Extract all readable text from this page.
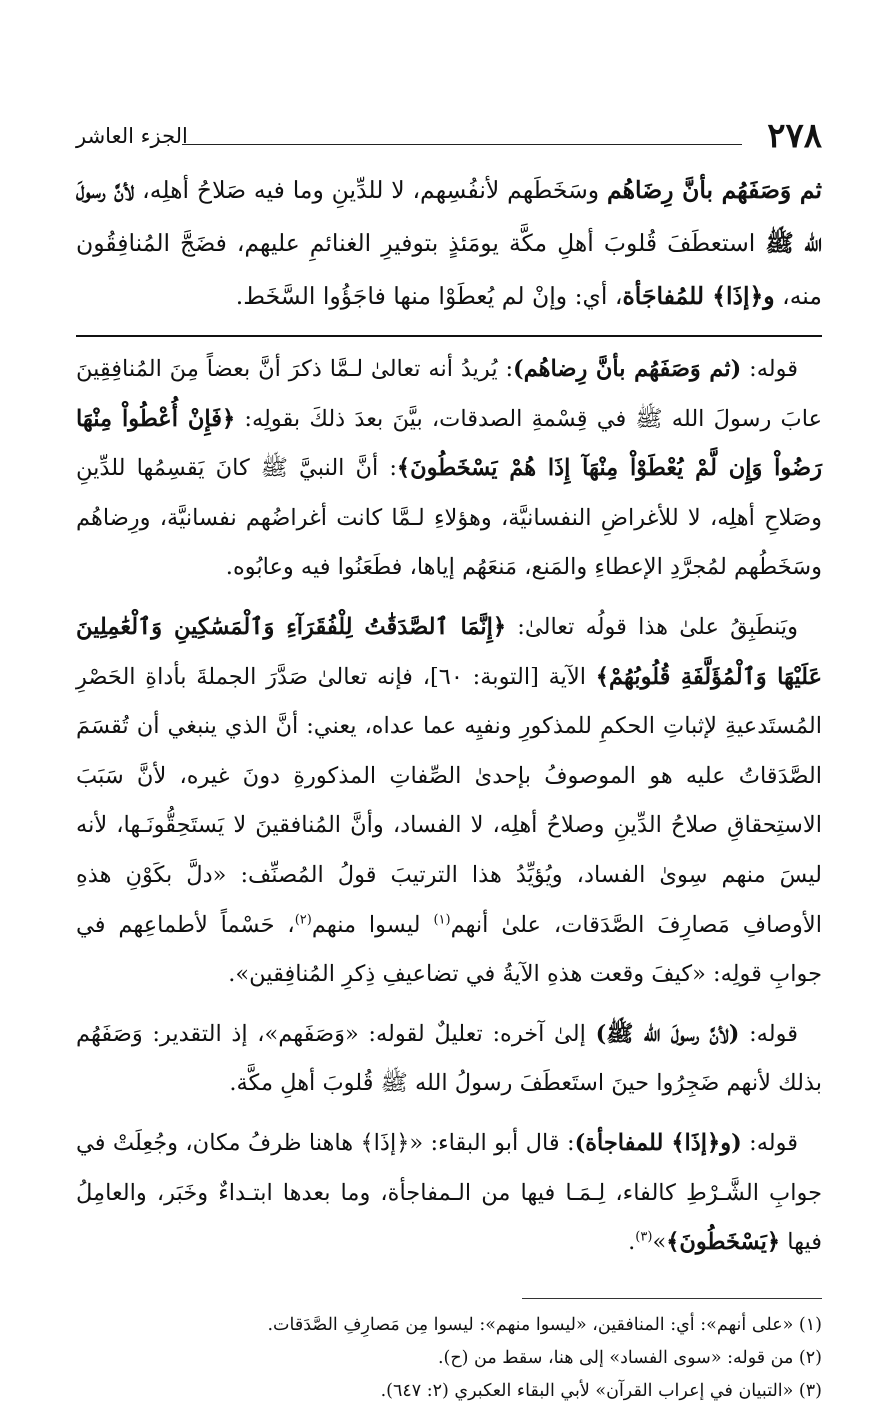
٢٧٨
الجزء العاشر

ثم وَصَفَهُم بأنَّ رِضَاهُم وسَخَطَهم لأنفُسِهم، لا للدِّينِ وما فيه صَلاحُ أهلِه، لأنَّ رسولَ الله ﷺ استعطَفَ قُلوبَ أهلِ مكَّة يومَئذٍ بتوفيرِ الغنائمِ عليهم، فضَجَّ المُنافِقُون منه، و﴿إذَا﴾ للمُفاجَأة، أي: وإنْ لم يُعطَوْا منها فاجَؤُوا السَّخَط.

قوله: (ثم وَصَفَهُم بأنَّ رِضاهُم): يُريدُ أنه تعالىٰ لـمَّا ذكرَ أنَّ بعضاً مِنَ المُنافِقِينَ عابَ رسولَ الله ﷺ في قِسْمةِ الصدقات، بيَّنَ بعدَ ذلكَ بقولِه: ﴿فَإِنْ أُعْطُواْ مِنْهَا رَضُواْ وَإِن لَّمْ يُعْطَوْاْ مِنْهَآ إِذَا هُمْ يَسْخَطُونَ﴾: أنَّ النبيَّ ﷺ كانَ يَقسِمُها للدِّينِ وصَلاحِ أهلِه، لا للأغراضِ النفسانيَّة، وهؤلاءِ لـمَّا كانت أغراضُهم نفسانيَّة، ورِضاهُم وسَخَطُهم لمُجرَّدِ الإعطاءِ والمَنع، مَنعَهُم إياها، فطَعَنُوا فيه وعابُوه.

ويَنطَبِقُ علىٰ هذا قولُه تعالىٰ: ﴿إِنَّمَا ٱلصَّدَقَٰتُ لِلْفُقَرَآءِ وَٱلْمَسَٰكِينِ وَٱلْعَٰمِلِينَ عَلَيْهَا وَٱلْمُؤَلَّفَةِ قُلُوبُهُمْ﴾ الآية [التوبة: ٦٠]، فإنه تعالىٰ صَدَّرَ الجملةَ بأداةِ الحَصْرِ المُستَدعيةِ لإثباتِ الحكمِ للمذكورِ ونفيِه عما عداه، يعني: أنَّ الذي ينبغي أن تُقسَمَ الصَّدَقاتُ عليه هو الموصوفُ بإحدىٰ الصِّفاتِ المذكورةِ دونَ غيره، لأنَّ سَبَبَ الاستِحقاقِ صلاحُ الدِّينِ وصلاحُ أهلِه، لا الفساد، وأنَّ المُنافقينَ لا يَستَحِقُّونَـها، لأنه ليسَ منهم سِوىٰ الفساد، ويُؤيِّدُ هذا الترتيبَ قولُ المُصنِّف: «دلَّ بكَوْنِ هذهِ الأوصافِ مَصارِفَ الصَّدَقات، علىٰ أنهم$^{(١)}$ ليسوا منهم$^{(٢)}$، حَسْماً لأطماعِهم في جوابِ قولِه: «كيفَ وقعت هذهِ الآيةُ في تضاعيفِ ذِكرِ المُنافِقين».

قوله: (لأنَّ رسولَ الله ﷺ) إلىٰ آخره: تعليلٌ لقوله: «وَصَفَهم»، إذ التقدير: وَصَفَهُم بذلك لأنهم ضَجِرُوا حينَ استَعطَفَ رسولُ الله ﷺ قُلوبَ أهلِ مكَّة.

قوله: (و﴿إذَا﴾ للمفاجأة): قال أبو البقاء: «﴿إذَا﴾ هاهنا ظرفُ مكان، وجُعِلَتْ في جوابِ الشَّـرْطِ كالفاء، لِـمَـا فيها من الـمفاجأة، وما بعدها ابتـداءٌ وخَبَر، والعامِلُ فيها ﴿يَسْخَطُونَ﴾»$^{(٣)}$.

(١) «على أنهم»: أي: المنافقين، «ليسوا منهم»: ليسوا مِن مَصارِفِ الصَّدَقات.

(٢) من قوله: «سوى الفساد» إلى هنا، سقط من (ح).

(٣) «التبيان في إعراب القرآن» لأبي البقاء العكبري (٢: ٦٤٧).
